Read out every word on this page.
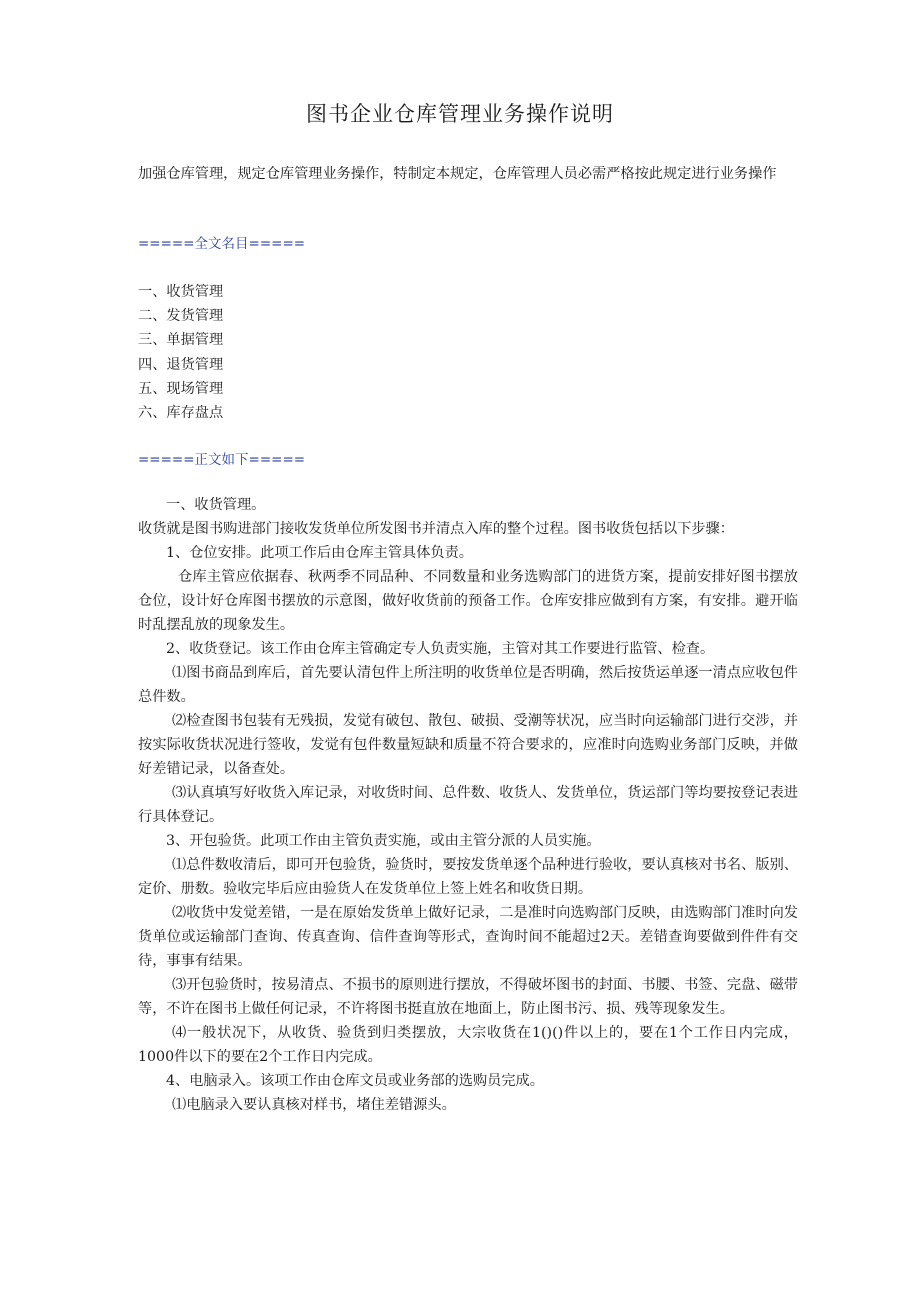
图书企业仓库管理业务操作说明
加强仓库管理，规定仓库管理业务操作，特制定本规定，仓库管理人员必需严格按此规定进行业务操作
=====全文名目=====
一、收货管理
二、发货管理
三、单据管理
四、退货管理
五、现场管理
六、库存盘点
=====正文如下=====

一、收货管理。

收货就是图书购进部门接收发货单位所发图书并清点入库的整个过程。图书收货包括以下步骤：

1、仓位安排。此项工作后由仓库主管具体负责。

仓库主管应依据春、秋两季不同品种、不同数量和业务选购部门的进货方案，提前安排好图书摆放仓位，设计好仓库图书摆放的示意图，做好收货前的预备工作。仓库安排应做到有方案，有安排。避开临时乱摆乱放的现象发生。

2、收货登记。该工作由仓库主管确定专人负责实施，主管对其工作要进行监管、检查。

⑴图书商品到库后，首先要认清包件上所注明的收货单位是否明确，然后按货运单逐一清点应收包件总件数。

⑵检查图书包装有无残损，发觉有破包、散包、破损、受潮等状况，应当时向运输部门进行交涉，并按实际收货状况进行签收，发觉有包件数量短缺和质量不符合要求的，应准时向选购业务部门反映，并做好差错记录，以备查处。

⑶认真填写好收货入库记录，对收货时间、总件数、收货人、发货单位，货运部门等均要按登记表进行具体登记。

3、开包验货。此项工作由主管负责实施，或由主管分派的人员实施。

⑴总件数收清后，即可开包验货，验货时，要按发货单逐个品种进行验收，要认真核对书名、版别、定价、册数。验收完毕后应由验货人在发货单位上签上姓名和收货日期。

⑵收货中发觉差错，一是在原始发货单上做好记录，二是准时向选购部门反映，由选购部门准时向发货单位或运输部门查询、传真查询、信件查询等形式，查询时间不能超过2天。差错查询要做到件件有交待，事事有结果。

⑶开包验货时，按易清点、不损书的原则进行摆放，不得破坏图书的封面、书腰、书签、完盘、磁带等，不许在图书上做任何记录，不许将图书挺直放在地面上，防止图书污、损、残等现象发生。

⑷一般状况下，从收货、验货到归类摆放，大宗收货在1()()件以上的，要在1个工作日内完成，1000件以下的要在2个工作日内完成。

4、电脑录入。该项工作由仓库文员或业务部的选购员完成。

⑴电脑录入要认真核对样书，堵住差错源头。
